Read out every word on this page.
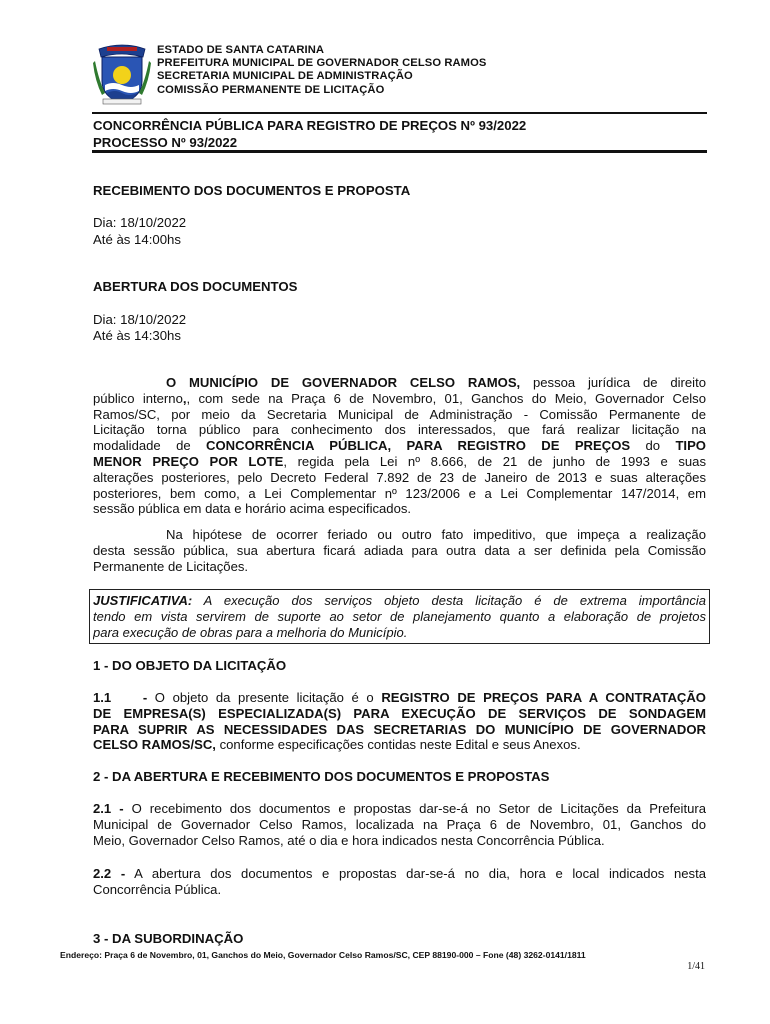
ESTADO DE SANTA CATARINA
PREFEITURA MUNICIPAL DE GOVERNADOR CELSO RAMOS
SECRETARIA MUNICIPAL DE ADMINISTRAÇÃO
COMISSÃO PERMANENTE DE LICITAÇÃO
CONCORRÊNCIA PÚBLICA PARA REGISTRO DE PREÇOS Nº 93/2022
PROCESSO Nº 93/2022
RECEBIMENTO DOS DOCUMENTOS E PROPOSTA
Dia: 18/10/2022
Até às 14:00hs
ABERTURA DOS DOCUMENTOS
Dia: 18/10/2022
Até às 14:30hs
O MUNICÍPIO DE GOVERNADOR CELSO RAMOS, pessoa jurídica de direito
público interno,, com sede na Praça 6 de Novembro, 01, Ganchos do Meio, Governador Celso
Ramos/SC, por meio da Secretaria Municipal de Administração - Comissão Permanente de
Licitação torna público para conhecimento dos interessados, que fará realizar licitação na
modalidade de CONCORRÊNCIA PÚBLICA, PARA REGISTRO DE PREÇOS do TIPO
MENOR PREÇO POR LOTE, regida pela Lei nº 8.666, de 21 de junho de 1993 e suas
alterações posteriores, pelo Decreto Federal 7.892 de 23 de Janeiro de 2013 e suas alterações
posteriores, bem como, a Lei Complementar nº 123/2006 e a Lei Complementar 147/2014, em
sessão pública em data e horário acima especificados.
Na hipótese de ocorrer feriado ou outro fato impeditivo, que impeça a realização
desta sessão pública, sua abertura ficará adiada para outra data a ser definida pela Comissão
Permanente de Licitações.
JUSTIFICATIVA: A execução dos serviços objeto desta licitação é de extrema importância
tendo em vista servirem de suporte ao setor de planejamento quanto a elaboração de projetos
para execução de obras para a melhoria do Município.
1 - DO OBJETO DA LICITAÇÃO
1.1 - O objeto da presente licitação é o REGISTRO DE PREÇOS PARA A CONTRATAÇÃO
DE EMPRESA(S) ESPECIALIZADA(S) PARA EXECUÇÃO DE SERVIÇOS DE SONDAGEM
PARA SUPRIR AS NECESSIDADES DAS SECRETARIAS DO MUNICÍPIO DE GOVERNADOR
CELSO RAMOS/SC, conforme especificações contidas neste Edital e seus Anexos.
2 - DA ABERTURA E RECEBIMENTO DOS DOCUMENTOS E PROPOSTAS
2.1 - O recebimento dos documentos e propostas dar-se-á no Setor de Licitações da Prefeitura
Municipal de Governador Celso Ramos, localizada na Praça 6 de Novembro, 01, Ganchos do
Meio, Governador Celso Ramos, até o dia e hora indicados nesta Concorrência Pública.
2.2 - A abertura dos documentos e propostas dar-se-á no dia, hora e local indicados nesta
Concorrência Pública.
3 - DA SUBORDINAÇÃO
Endereço: Praça 6 de Novembro, 01, Ganchos do Meio, Governador Celso Ramos/SC, CEP 88190-000 – Fone (48) 3262-0141/1811
1/41
